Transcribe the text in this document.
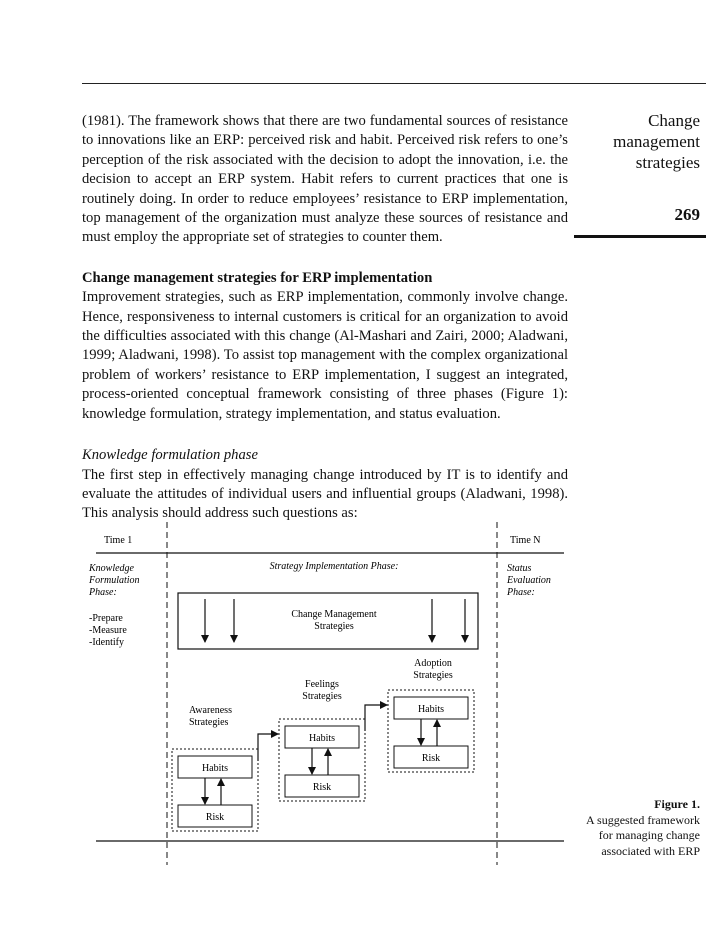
Change
management
strategies
269

(1981). The framework shows that there are two fundamental sources of resistance to innovations like an ERP: perceived risk and habit. Perceived risk refers to one’s perception of the risk associated with the decision to adopt the innovation, i.e. the decision to accept an ERP system. Habit refers to current practices that one is routinely doing. In order to reduce employees’ resistance to ERP implementation, top management of the organization must analyze these sources of resistance and must employ the appropriate set of strategies to counter them.

Change management strategies for ERP implementation

Improvement strategies, such as ERP implementation, commonly involve change. Hence, responsiveness to internal customers is critical for an organization to avoid the difficulties associated with this change (Al-Mashari and Zairi, 2000; Aladwani, 1999; Aladwani, 1998). To assist top management with the complex organizational problem of workers’ resistance to ERP implementation, I suggest an integrated, process-oriented conceptual framework consisting of three phases (Figure 1): knowledge formulation, strategy implementation, and status evaluation.

Knowledge formulation phase

The first step in effectively managing change introduced by IT is to identify and evaluate the attitudes of individual users and influential groups (Aladwani, 1998). This analysis should address such questions as:

Time 1	Time N
Knowledge
Formulation
Phase:
-Prepare
-Measure
-Identify
Strategy Implementation Phase:	Status
Evaluation
Phase:
Change Management
Strategies
Awareness
Strategies
Habits
Risk
Feelings
Strategies
Habits
Risk
Adoption
Strategies
Habits
Risk
Figure 1.
A suggested framework
for managing change
associated with ERP
